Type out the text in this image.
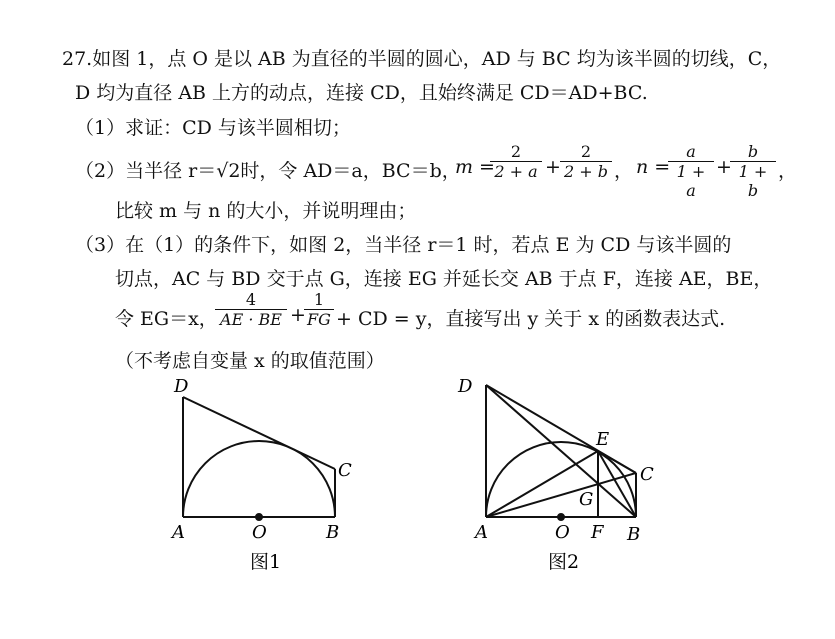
27.如图 1，点 O 是以 AB 为直径的半圆的圆心，AD 与 BC 均为该半圆的切线，C，
D 均为直径 AB 上方的动点，连接 CD，且始终满足 CD＝AD+BC.
（1）求证：CD 与该半圆相切；
（2）当半径 r＝√2时，令 AD＝a，BC＝b，
m =
$\frac{2}{2 + a} + \frac{2}{2 + b}$ ， n =
$\frac{a}{1 + a}$ +
$\frac{b}{1 + b}$ ，
比较 m 与 n 的大小，并说明理由；
（3）在（1）的条件下，如图 2，当半径 r＝1 时，若点 E 为 CD 与该半圆的
切点，AC 与 BD 交于点 G，连接 EG 并延长交 AB 于点 F，连接 AE，BE，
令 EG＝x，
$\frac{4}{AE \cdot BE}$ +
$\frac{1}{FG}$ + CD = y，直接写出 y 关于 x 的函数表达式.
（不考虑自变量 x 的取值范围）
D
C
A	O	B
图1
D
E
C
G
A	O F B
图2
